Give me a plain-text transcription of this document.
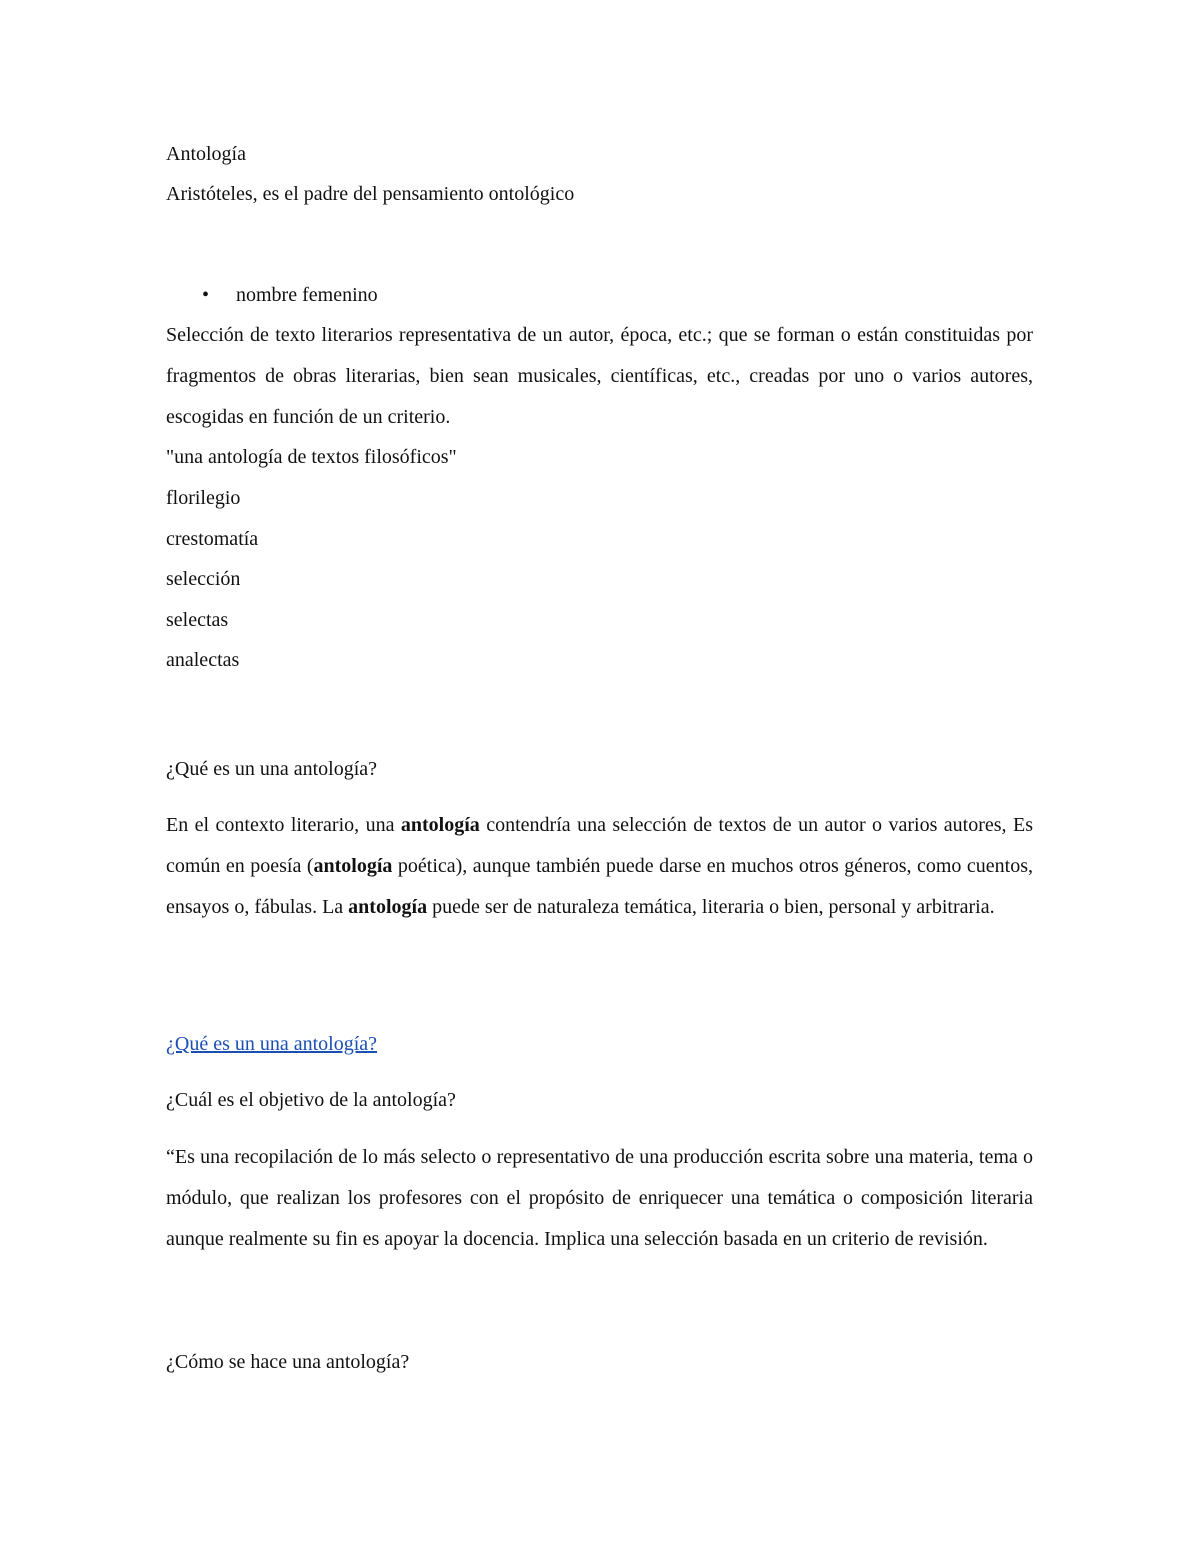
Antología
Aristóteles, es el padre del pensamiento ontológico
• nombre femenino
Selección de texto literarios representativa de un autor, época, etc.; que se forman o están constituidas por fragmentos de obras literarias, bien sean musicales, científicas, etc., creadas por uno o varios autores, escogidas en función de un criterio.
"una antología de textos filosóficos"
florilegio
crestomatía
selección
selectas
analectas
¿Qué es un una antología?
En el contexto literario, una antología contendría una selección de textos de un autor o varios autores, Es común en poesía (antología poética), aunque también puede darse en muchos otros géneros, como cuentos, ensayos o, fábulas. La antología puede ser de naturaleza temática, literaria o bien, personal y arbitraria.
¿Qué es un una antología?
¿Cuál es el objetivo de la antología?
“Es una recopilación de lo más selecto o representativo de una producción escrita sobre una materia, tema o módulo, que realizan los profesores con el propósito de enriquecer una temática o composición literaria aunque realmente su fin es apoyar la docencia. Implica una selección basada en un criterio de revisión.
¿Cómo se hace una antología?
